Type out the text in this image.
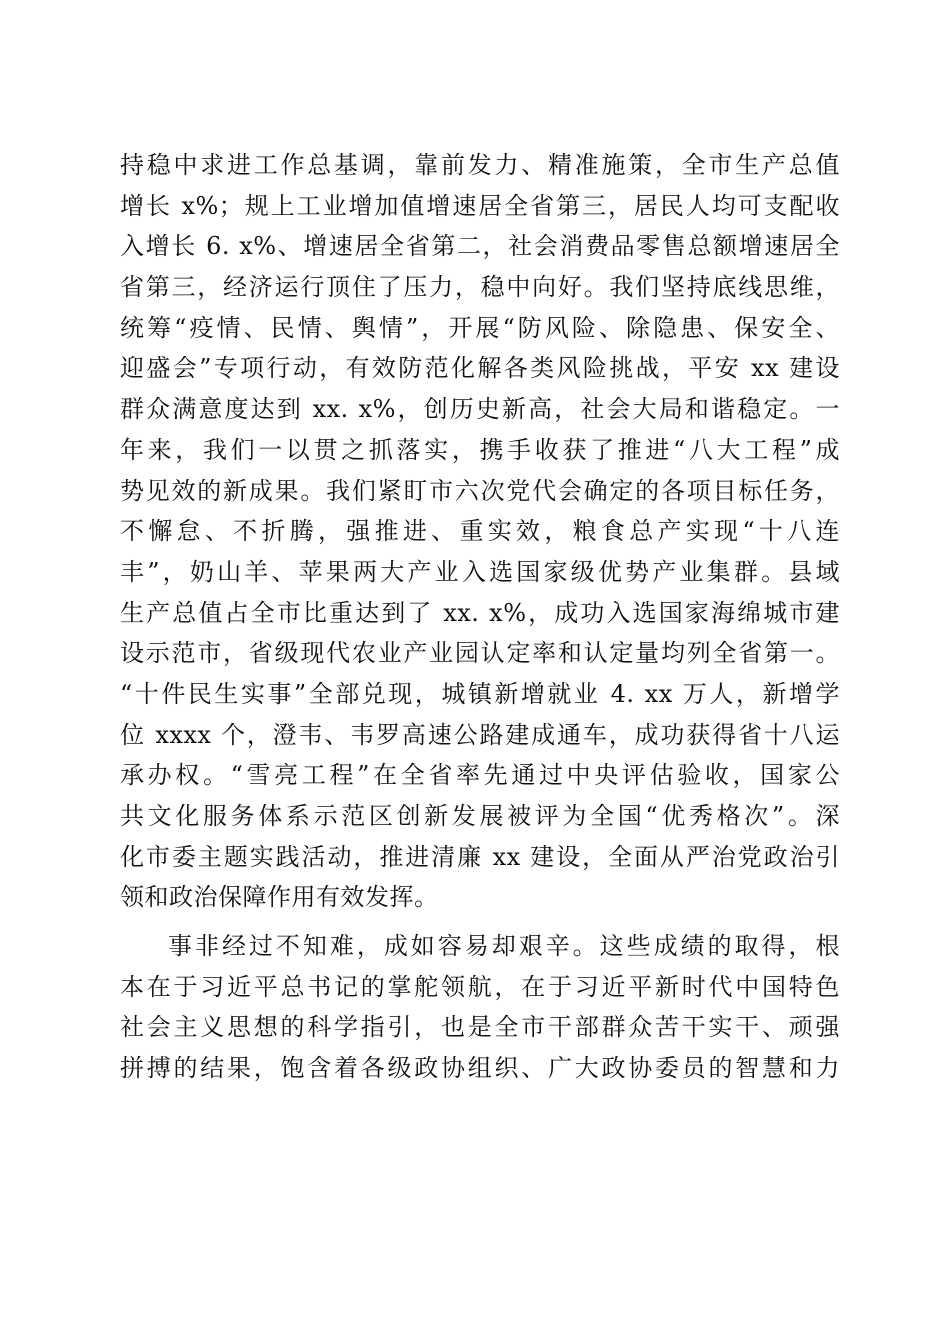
持稳中求进工作总基调，靠前发力、精准施策，全市生产总值
增长 x%；规上工业增加值增速居全省第三，居民人均可支配收
入增长 6. x%、增速居全省第二，社会消费品零售总额增速居全
省第三，经济运行顶住了压力，稳中向好。我们坚持底线思维，
统筹“疫情、民情、舆情”，开展“防风险、除隐患、保安全、
迎盛会”专项行动，有效防范化解各类风险挑战，平安 xx 建设
群众满意度达到 xx. x%，创历史新高，社会大局和谐稳定。一
年来，我们一以贯之抓落实，携手收获了推进“八大工程”成
势见效的新成果。我们紧盯市六次党代会确定的各项目标任务，
不懈怠、不折腾，强推进、重实效，粮食总产实现“十八连
丰”，奶山羊、苹果两大产业入选国家级优势产业集群。县域
生产总值占全市比重达到了 xx. x%，成功入选国家海绵城市建
设示范市，省级现代农业产业园认定率和认定量均列全省第一。
“十件民生实事”全部兑现，城镇新增就业 4. xx 万人，新增学
位 xxxx 个，澄韦、韦罗高速公路建成通车，成功获得省十八运
承办权。“雪亮工程”在全省率先通过中央评估验收，国家公
共文化服务体系示范区创新发展被评为全国“优秀格次”。深
化市委主题实践活动，推进清廉 xx 建设，全面从严治党政治引
领和政治保障作用有效发挥。
事非经过不知难，成如容易却艰辛。这些成绩的取得，根
本在于习近平总书记的掌舵领航，在于习近平新时代中国特色
社会主义思想的科学指引，也是全市干部群众苦干实干、顽强
拼搏的结果，饱含着各级政协组织、广大政协委员的智慧和力
